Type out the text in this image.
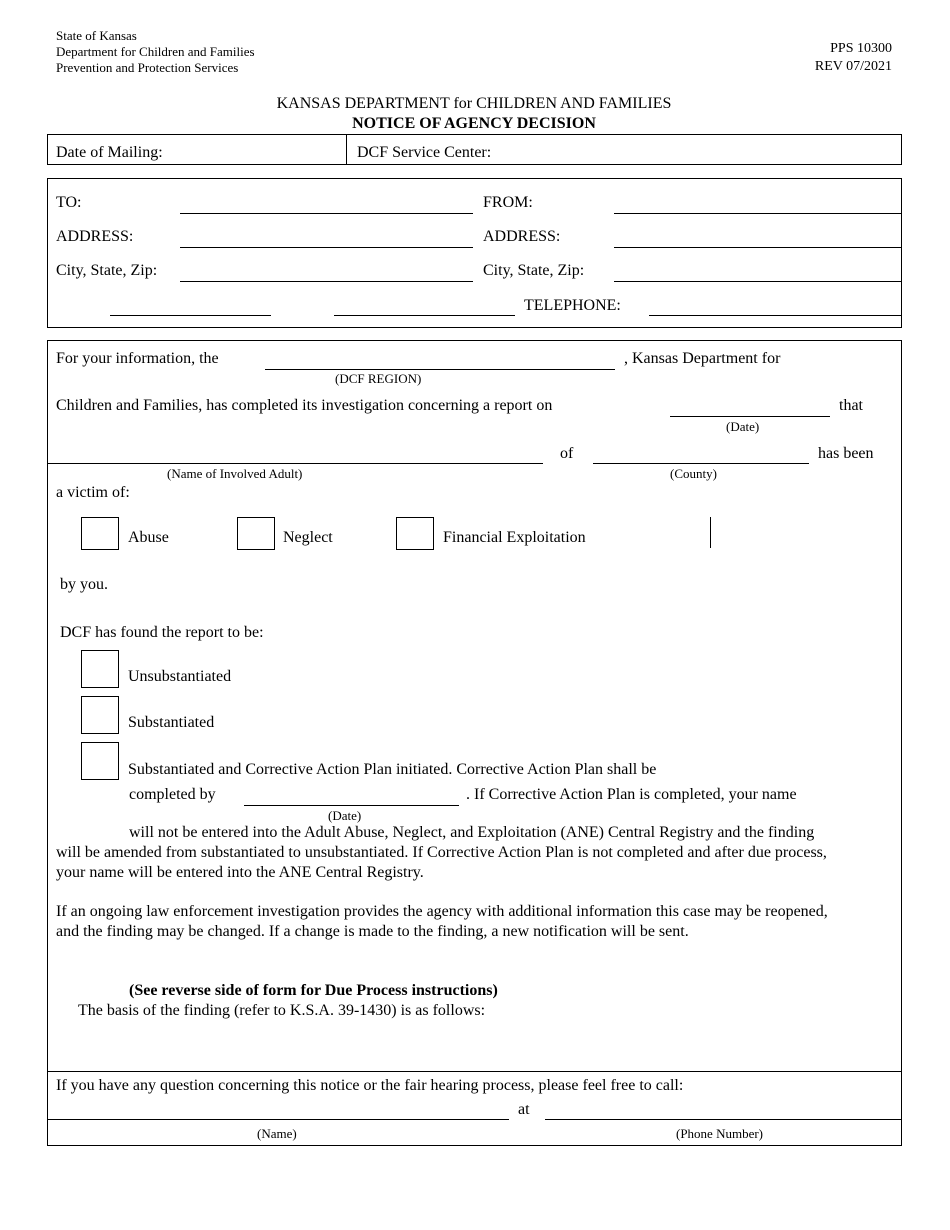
State of Kansas
Department for Children and Families
Prevention and Protection Services
PPS 10300
REV 07/2021
KANSAS DEPARTMENT for CHILDREN AND FAMILIES
NOTICE OF AGENCY DECISION
Date of Mailing:	DCF Service Center:
TO:	FROM:
ADDRESS:	ADDRESS:
City, State, Zip:	City, State, Zip:
TELEPHONE:
For your information, the	, Kansas Department for
(DCF REGION)
Children and Families, has completed its investigation concerning a report on	that
(Date)
of	has been
(Name of Involved Adult)	(County)
a victim of:
Abuse	Neglect	Financial Exploitation
by you.
DCF has found the report to be:
Unsubstantiated
Substantiated
Substantiated and Corrective Action Plan initiated. Corrective Action Plan shall be
completed by	. If Corrective Action Plan is completed, your name
(Date)
will not be entered into the Adult Abuse, Neglect, and Exploitation (ANE) Central Registry and the finding
will be amended from substantiated to unsubstantiated. If Corrective Action Plan is not completed and after due process,
your name will be entered into the ANE Central Registry.
If an ongoing law enforcement investigation provides the agency with additional information this case may be reopened,
and the finding may be changed. If a change is made to the finding, a new notification will be sent.
(See reverse side of form for Due Process instructions)
The basis of the finding (refer to K.S.A. 39-1430) is as follows:
If you have any question concerning this notice or the fair hearing process, please feel free to call:
at
(Name)	(Phone Number)
